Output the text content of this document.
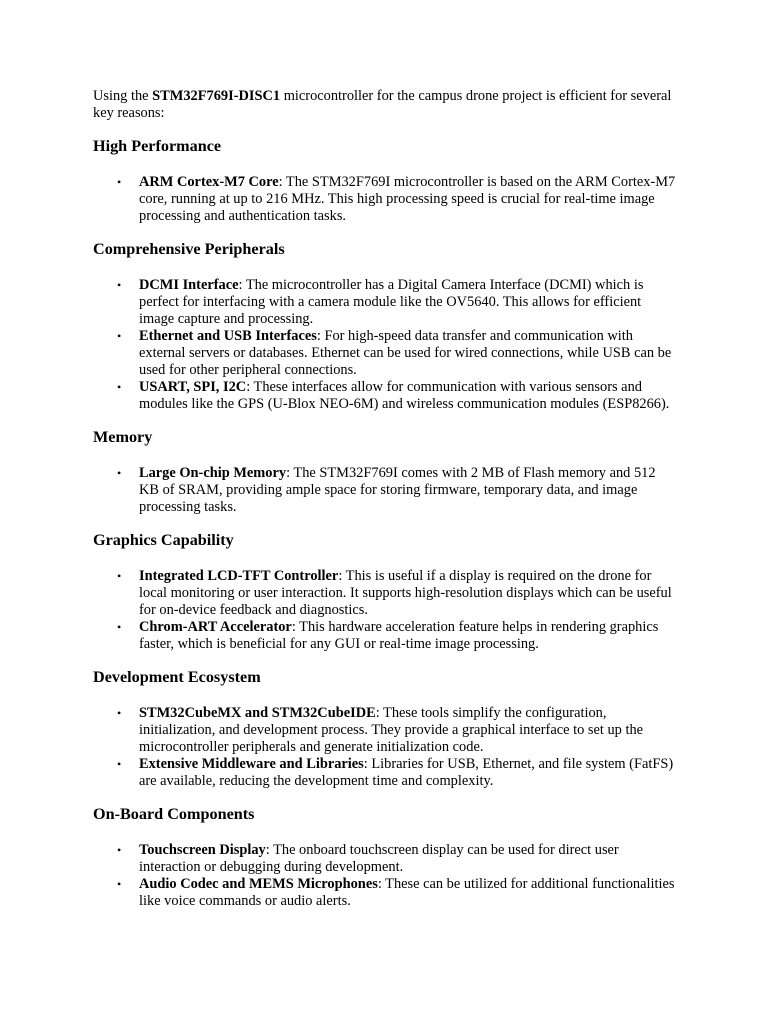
Using the STM32F769I-DISC1 microcontroller for the campus drone project is efficient for several key reasons:

High Performance
• ARM Cortex-M7 Core: The STM32F769I microcontroller is based on the ARM Cortex-M7 core, running at up to 216 MHz. This high processing speed is crucial for real-time image processing and authentication tasks.
Comprehensive Peripherals
• DCMI Interface: The microcontroller has a Digital Camera Interface (DCMI) which is perfect for interfacing with a camera module like the OV5640. This allows for efficient image capture and processing.
• Ethernet and USB Interfaces: For high-speed data transfer and communication with external servers or databases. Ethernet can be used for wired connections, while USB can be used for other peripheral connections.
• USART, SPI, I2C: These interfaces allow for communication with various sensors and modules like the GPS (U-Blox NEO-6M) and wireless communication modules (ESP8266).
Memory
• Large On-chip Memory: The STM32F769I comes with 2 MB of Flash memory and 512 KB of SRAM, providing ample space for storing firmware, temporary data, and image processing tasks.
Graphics Capability
• Integrated LCD-TFT Controller: This is useful if a display is required on the drone for local monitoring or user interaction. It supports high-resolution displays which can be useful for on-device feedback and diagnostics.
• Chrom-ART Accelerator: This hardware acceleration feature helps in rendering graphics faster, which is beneficial for any GUI or real-time image processing.
Development Ecosystem
• STM32CubeMX and STM32CubeIDE: These tools simplify the configuration, initialization, and development process. They provide a graphical interface to set up the microcontroller peripherals and generate initialization code.
• Extensive Middleware and Libraries: Libraries for USB, Ethernet, and file system (FatFS) are available, reducing the development time and complexity.
On-Board Components
• Touchscreen Display: The onboard touchscreen display can be used for direct user interaction or debugging during development.
• Audio Codec and MEMS Microphones: These can be utilized for additional functionalities like voice commands or audio alerts.
